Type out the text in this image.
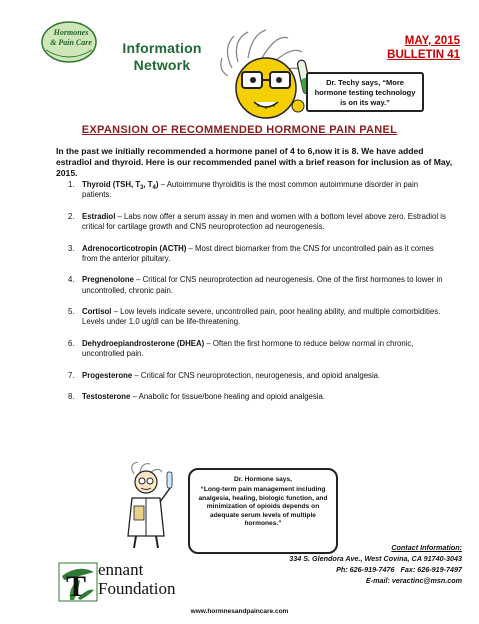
Hormones
& Pain Care	Information
Network
MAY, 2015
BULLETIN 41
Dr. Techy says, “More hormone testing technology is on its way.”
EXPANSION OF RECOMMENDED HORMONE PAIN PANEL
In the past we initially recommended a hormone panel of 4 to 6,now it is 8. We have added estradiol and thyroid. Here is our recommended panel with a brief reason for inclusion as of May, 2015.
1. Thyroid (TSH, $T_3$, $T_4$) – Autoimmune thyroiditis is the most common autoimmune disorder in pain patients.
2. Estradiol – Labs now offer a serum assay in men and women with a bottom level above zero. Estradiol is critical for cartilage growth and CNS neuroprotection ad neurogenesis.
3. Adrenocorticotropin (ACTH) – Most direct biomarker from the CNS for uncontrolled pain as it comes from the anterior pituitary.
4. Pregnenolone – Critical for CNS neuroprotection ad neurogenesis. One of the first hormones to lower in uncontrolled, chronic pain.
5. Cortisol – Low levels indicate severe, uncontrolled pain, poor healing ability, and multiple comorbidities. Levels under 1.0 ug/dl can be life-threatening.
6. Dehydroepiandrosterone (DHEA) – Often the first hormone to reduce below normal in chronic, uncontrolled pain.
7. Progesterone – Critical for CNS neuroprotection, neurogenesis, and opioid analgesia.
8. Testosterone – Anabolic for tissue/bone healing and opioid analgesia.
Dr. Hormone says,
“Long-term pain management including analgesia, healing, biologic function, and minimization of opioids depends on adequate serum levels of multiple hormones.”
T
ennant
Foundation
Contact Information:
334 S. Glendora Ave., West Covina, CA 91740-3043
Ph: 626-919-7476 Fax: 626-919-7497
E-mail: veractinc@msn.com
www.hormnesandpaincare.com
